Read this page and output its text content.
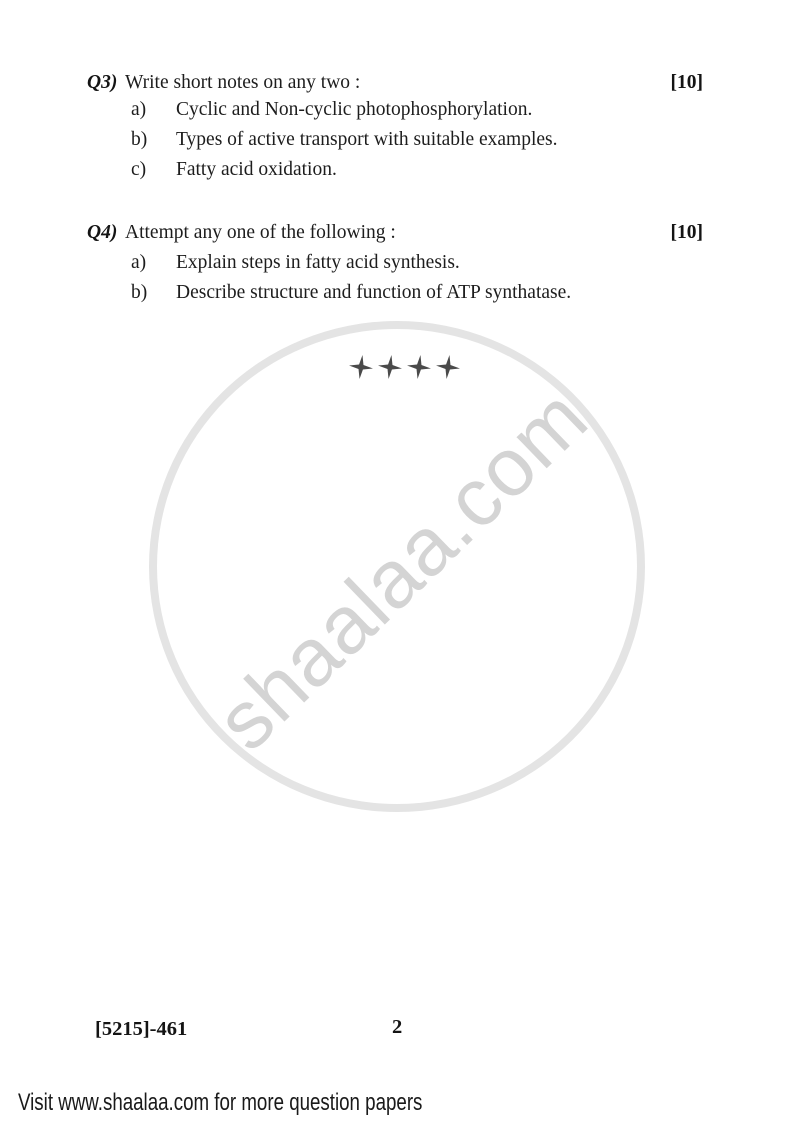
shaalaa.com
Q3) Write short notes on any two :	[10]
a) Cyclic and Non-cyclic photophosphorylation.
b) Types of active transport with suitable examples.
c) Fatty acid oxidation.
Q4) Attempt any one of the following :	[10]
a) Explain steps in fatty acid synthesis.
b) Describe structure and function of ATP synthatase.
[5215]-461	2
Visit www.shaalaa.com for more question papers
